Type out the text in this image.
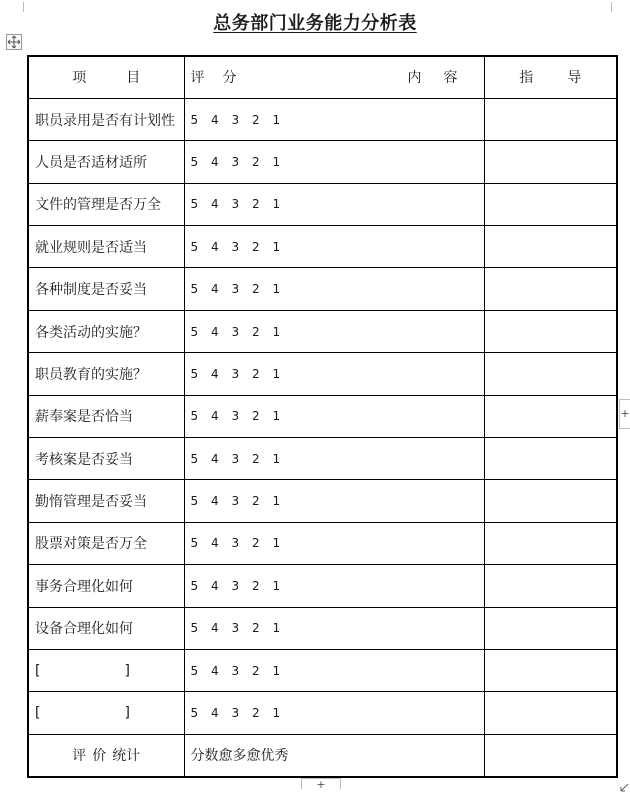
总务部门业务能力分析表
项 目	评 分 内 容	指 导
职员录用是否有计划性	5 4 3 2 1	
人员是否适材适所	5 4 3 2 1	
文件的管理是否万全	5 4 3 2 1	
就业规则是否适当	5 4 3 2 1	
各种制度是否妥当	5 4 3 2 1	
各类活动的实施？	5 4 3 2 1	
职员教育的实施？	5 4 3 2 1	
薪奉案是否恰当	5 4 3 2 1	
考核案是否妥当	5 4 3 2 1	
勤惰管理是否妥当	5 4 3 2 1	
股票对策是否万全	5 4 3 2 1	
事务合理化如何	5 4 3 2 1	
设备合理化如何	5 4 3 2 1	
[ ]	5 4 3 2 1	
[ ]	5 4 3 2 1	
评 价 统计	分数愈多愈优秀	
+
+
